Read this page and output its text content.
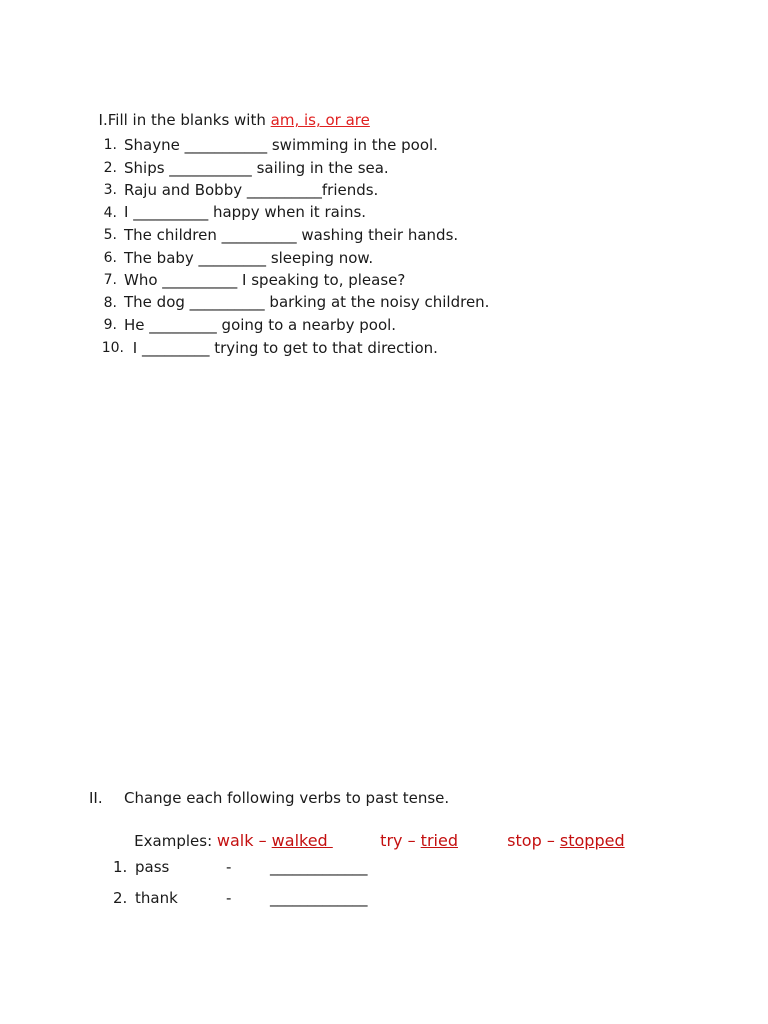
I.Fill in the blanks with am, is, or are

1. Shayne ___________ swimming in the pool.
2. Ships ___________ sailing in the sea.
3. Raju and Bobby __________friends.
4. I __________ happy when it rains.
5. The children __________ washing their hands.
6. The baby _________ sleeping now.
7. Who __________ I speaking to, please?
8. The dog __________ barking at the noisy children.
9. He _________ going to a nearby pool.
10. I _________ trying to get to that direction.
II. Change each following verbs to past tense.

Examples: walk – walked	try – tried	stop – stopped

1. pass	-	_____________
2. thank	-	_____________
